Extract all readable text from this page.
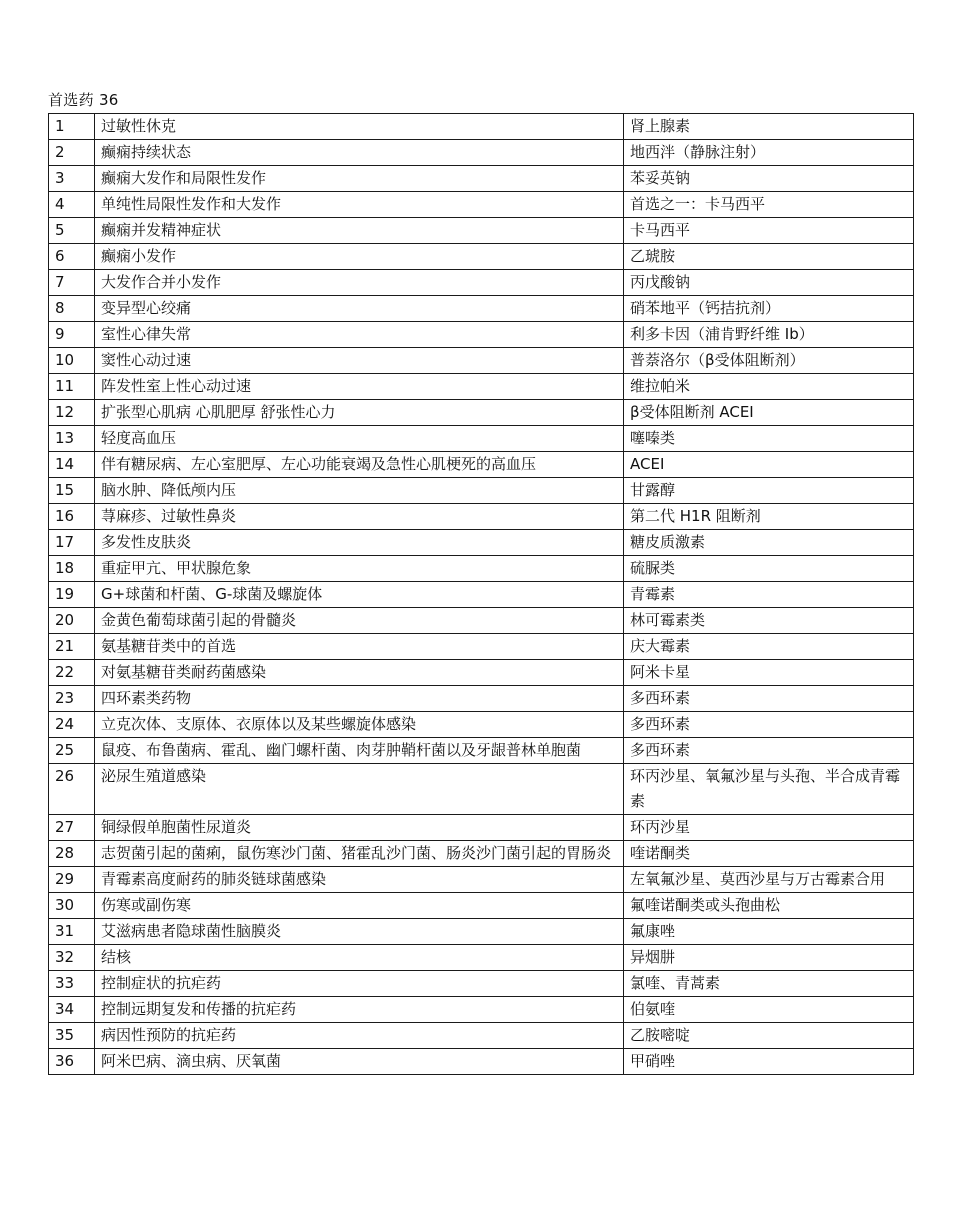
首选药 36
1	过敏性休克	肾上腺素
2	癫痫持续状态	地西泮（静脉注射）
3	癫痫大发作和局限性发作	苯妥英钠
4	单纯性局限性发作和大发作	首选之一：卡马西平
5	癫痫并发精神症状	卡马西平
6	癫痫小发作	乙琥胺
7	大发作合并小发作	丙戊酸钠
8	变异型心绞痛	硝苯地平（钙拮抗剂）
9	室性心律失常	利多卡因（浦肯野纤维 Ib）
10	窦性心动过速	普萘洛尔（β受体阻断剂）
11	阵发性室上性心动过速	维拉帕米
12	扩张型心肌病 心肌肥厚 舒张性心力	β受体阻断剂 ACEI
13	轻度高血压	噻嗪类
14	伴有糖尿病、左心室肥厚、左心功能衰竭及急性心肌梗死的高血压	ACEI
15	脑水肿、降低颅内压	甘露醇
16	荨麻疹、过敏性鼻炎	第二代 H1R 阻断剂
17	多发性皮肤炎	糖皮质激素
18	重症甲亢、甲状腺危象	硫脲类
19	G+球菌和杆菌、G-球菌及螺旋体	青霉素
20	金黄色葡萄球菌引起的骨髓炎	林可霉素类
21	氨基糖苷类中的首选	庆大霉素
22	对氨基糖苷类耐药菌感染	阿米卡星
23	四环素类药物	多西环素
24	立克次体、支原体、衣原体以及某些螺旋体感染	多西环素
25	鼠疫、布鲁菌病、霍乱、幽门螺杆菌、肉芽肿鞘杆菌以及牙龈普林单胞菌	多西环素
26	泌尿生殖道感染	环丙沙星、氧氟沙星与头孢、半合成青霉素
27	铜绿假单胞菌性尿道炎	环丙沙星
28	志贺菌引起的菌痢，鼠伤寒沙门菌、猪霍乱沙门菌、肠炎沙门菌引起的胃肠炎	喹诺酮类
29	青霉素高度耐药的肺炎链球菌感染	左氧氟沙星、莫西沙星与万古霉素合用
30	伤寒或副伤寒	氟喹诺酮类或头孢曲松
31	艾滋病患者隐球菌性脑膜炎	氟康唑
32	结核	异烟肼
33	控制症状的抗疟药	氯喹、青蒿素
34	控制远期复发和传播的抗疟药	伯氨喹
35	病因性预防的抗疟药	乙胺嘧啶
36	阿米巴病、滴虫病、厌氧菌	甲硝唑
